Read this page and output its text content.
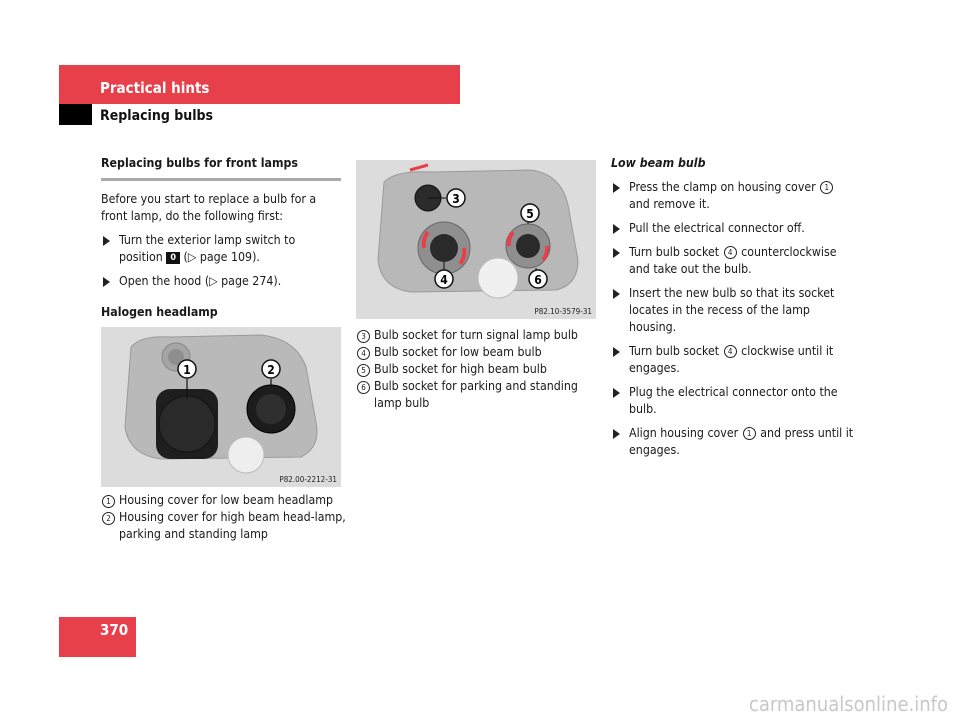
Practical hints
Replacing bulbs

Replacing bulbs for front lamps

Before you start to replace a bulb for a front lamp, do the following first:

Turn the exterior lamp switch to position 0 (▷ page 109).
Open the hood (▷ page 274).

Halogen headlamp

1	2
P82.00-2212-31
1 Housing cover for low beam headlamp
2 Housing cover for high beam head-lamp, parking and standing lamp
3
4
5
6
P82.10-3579-31
3 Bulb socket for turn signal lamp bulb
4 Bulb socket for low beam bulb
5 Bulb socket for high beam bulb
6 Bulb socket for parking and standing lamp bulb

Low beam bulb

Press the clamp on housing cover 1 and remove it.
Pull the electrical connector off.
Turn bulb socket 4 counterclockwise and take out the bulb.
Insert the new bulb so that its socket locates in the recess of the lamp housing.
Turn bulb socket 4 clockwise until it engages.
Plug the electrical connector onto the bulb.
Align housing cover 1 and press until it engages.
370
carmanualsonline.info
